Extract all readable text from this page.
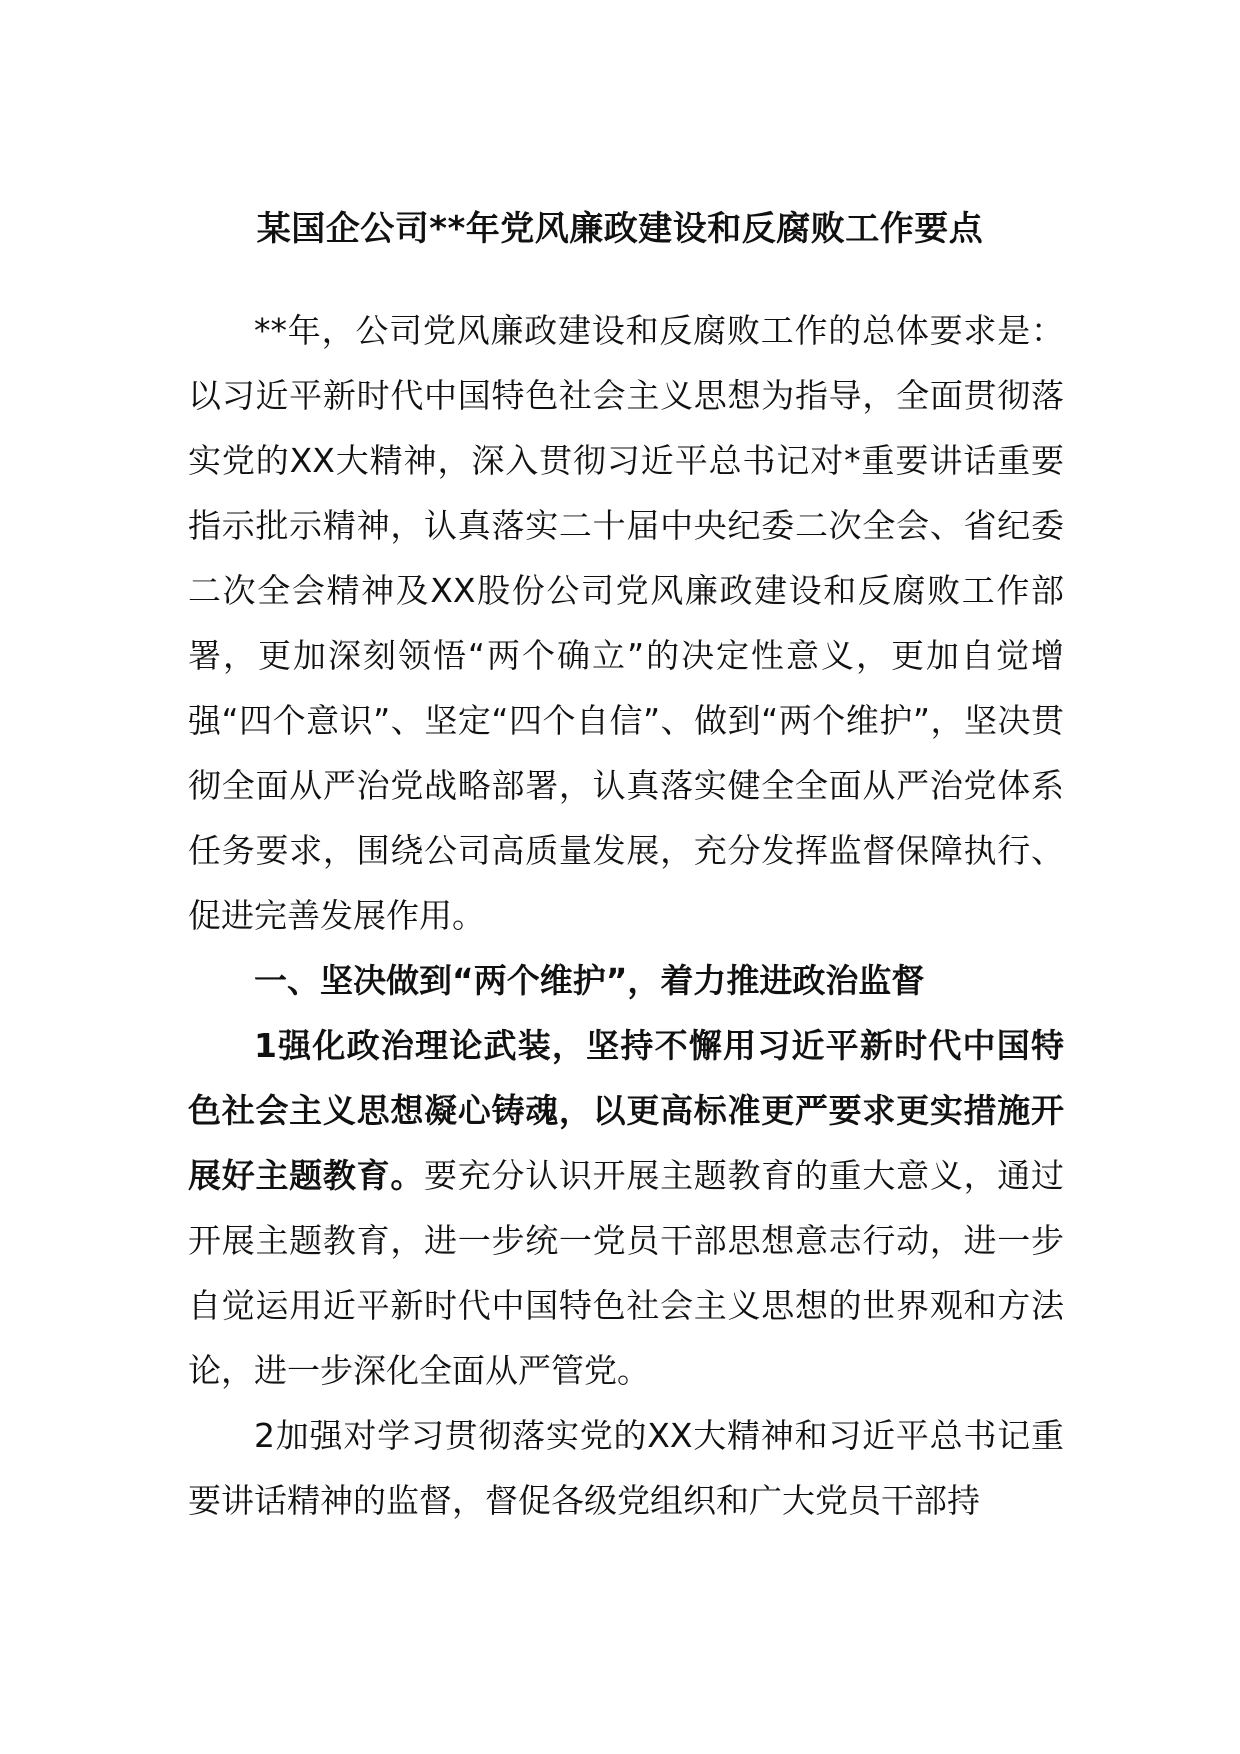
某国企公司**年党风廉政建设和反腐败工作要点

**年，公司党风廉政建设和反腐败工作的总体要求是：以习近平新时代中国特色社会主义思想为指导，全面贯彻落实党的XX大精神，深入贯彻习近平总书记对*重要讲话重要指示批示精神，认真落实二十届中央纪委二次全会、省纪委二次全会精神及XX股份公司党风廉政建设和反腐败工作部署，更加深刻领悟“两个确立”的决定性意义，更加自觉增强“四个意识”、坚定“四个自信”、做到“两个维护”，坚决贯彻全面从严治党战略部署，认真落实健全全面从严治党体系任务要求，围绕公司高质量发展，充分发挥监督保障执行、促进完善发展作用。

一、坚决做到“两个维护”，着力推进政治监督

1强化政治理论武装，坚持不懈用习近平新时代中国特色社会主义思想凝心铸魂，以更高标准更严要求更实措施开展好主题教育。要充分认识开展主题教育的重大意义，通过开展主题教育，进一步统一党员干部思想意志行动，进一步自觉运用近平新时代中国特色社会主义思想的世界观和方法论，进一步深化全面从严管党。

2加强对学习贯彻落实党的XX大精神和习近平总书记重要讲话精神的监督，督促各级党组织和广大党员干部持
